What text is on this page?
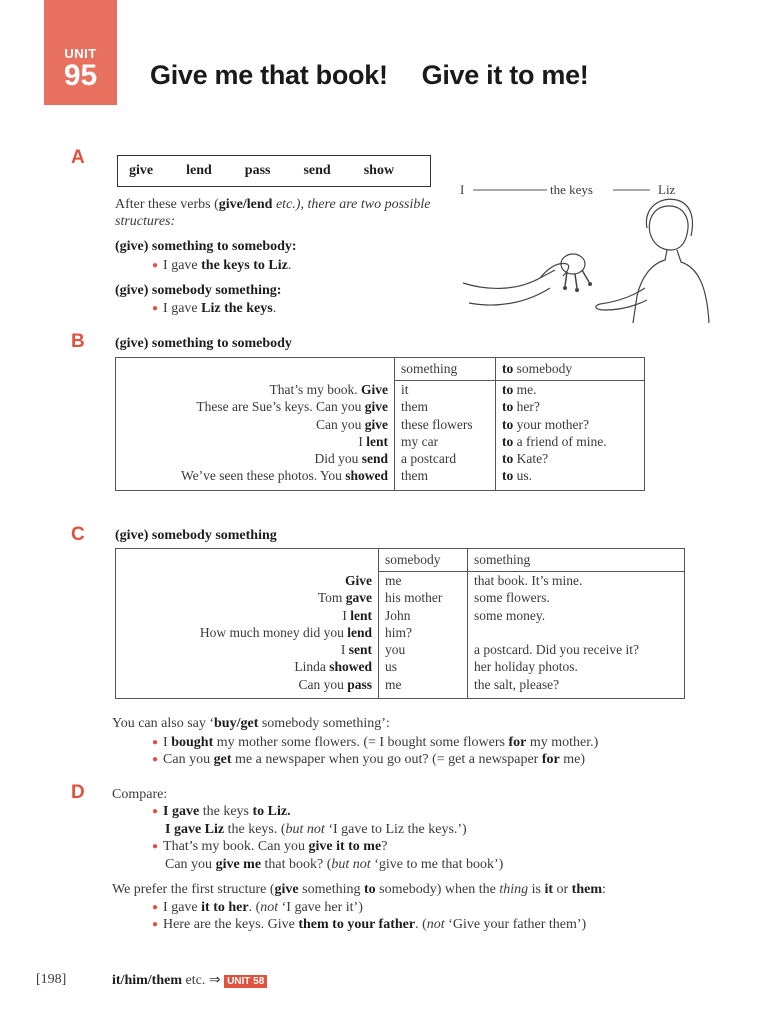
UNIT
95	Give me that book! Give it to me!
A
give lend pass send show
After these verbs (give/lend etc.), there are two possible structures:
(give) something to somebody:
● I gave the keys to Liz.
(give) somebody something:
● I gave Liz the keys.
I	the keys	Liz
B (give) something to somebody
	something	to somebody
That’s my book. Give	it	to me.
These are Sue’s keys. Can you give	them	to her?
Can you give	these flowers	to your mother?
I lent	my car	to a friend of mine.
Did you send	a postcard	to Kate?
We’ve seen these photos. You showed	them	to us.
C (give) somebody something
	somebody	something
Give	me	that book. It’s mine.
Tom gave	his mother	some flowers.
I lent	John	some money.
How much money did you lend	him?	
I sent	you	a postcard. Did you receive it?
Linda showed	us	her holiday photos.
Can you pass	me	the salt, please?
You can also say ‘buy/get somebody something’:
● I bought my mother some flowers. (= I bought some flowers for my mother.)
● Can you get me a newspaper when you go out? (= get a newspaper for me)
D Compare:
● I gave the keys to Liz.
I gave Liz the keys. (but not ‘I gave to Liz the keys.’)
● That’s my book. Can you give it to me?
Can you give me that book? (but not ‘give to me that book’)
We prefer the first structure (give something to somebody) when the thing is it or them:
● I gave it to her. (not ‘I gave her it’)
● Here are the keys. Give them to your father. (not ‘Give your father them’)
[198]	it/him/them etc. ⇒ UNIT 58
